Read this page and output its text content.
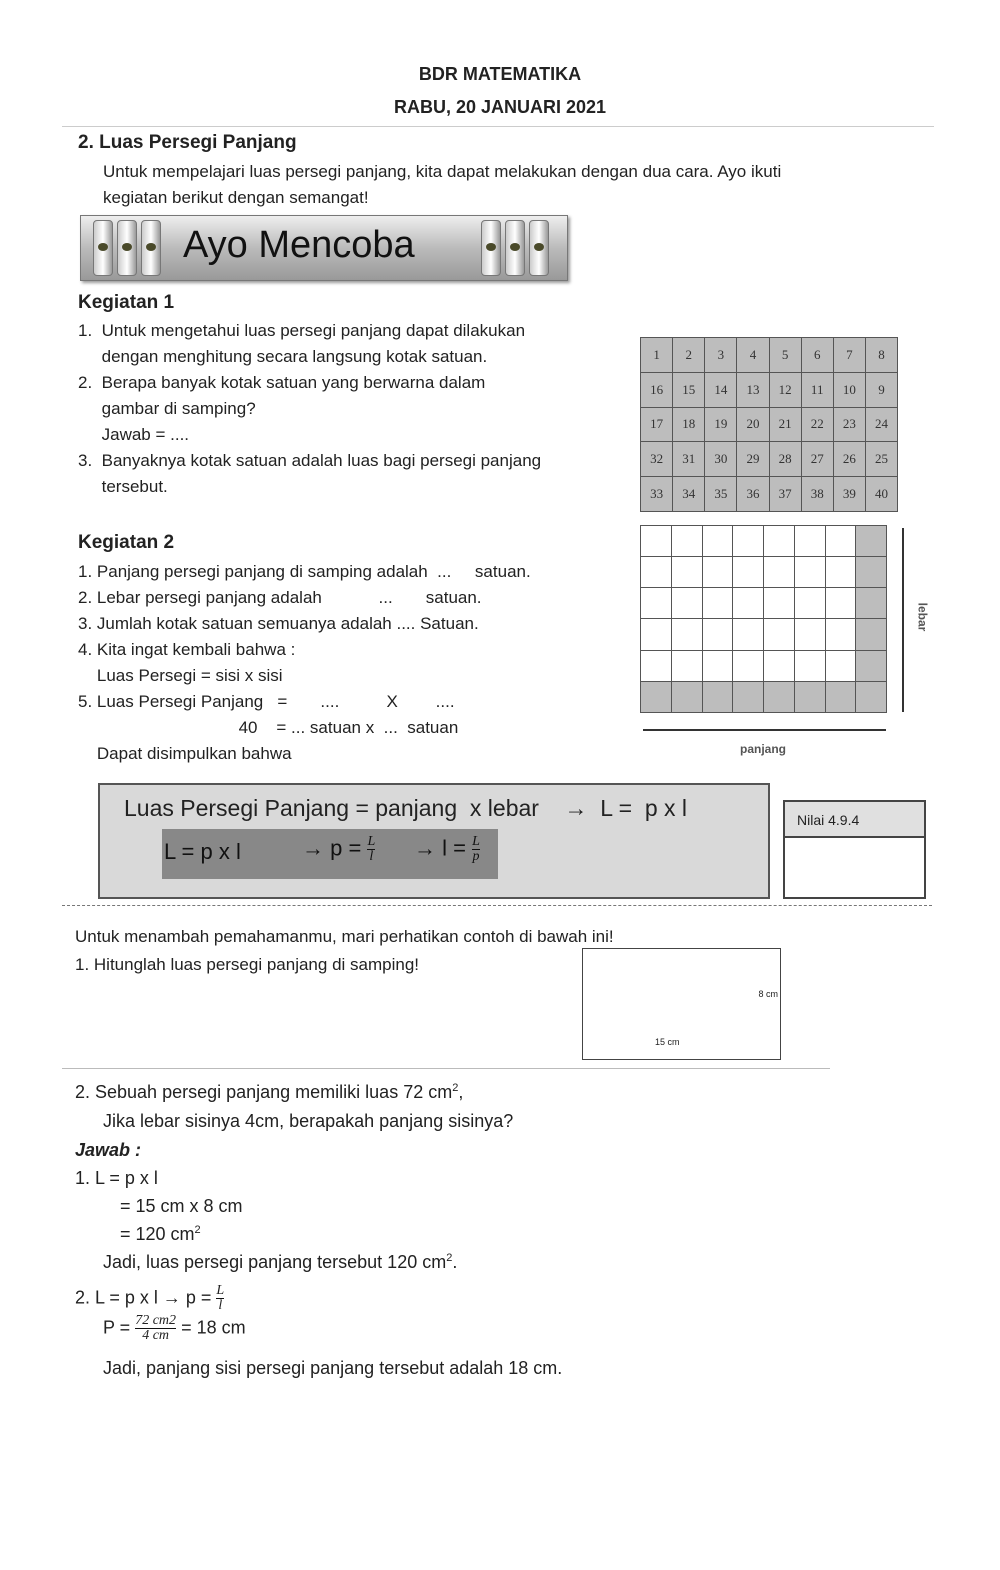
BDR MATEMATIKA
RABU, 20 JANUARI 2021
2. Luas Persegi Panjang
Untuk mempelajari luas persegi panjang, kita dapat melakukan dengan dua cara. Ayo ikuti
kegiatan berikut dengan semangat!
Ayo Mencoba
Kegiatan 1
1.  Untuk mengetahui luas persegi panjang dapat dilakukan
dengan menghitung secara langsung kotak satuan.
2.  Berapa banyak kotak satuan yang berwarna dalam
gambar di samping?
Jawab = ....
3.  Banyaknya kotak satuan adalah luas bagi persegi panjang
tersebut.
1	2	3	4	5	6	7	8
16	15	14	13	12	11	10	9
17	18	19	20	21	22	23	24
32	31	30	29	28	27	26	25
33	34	35	36	37	38	39	40
Kegiatan 2
1. Panjang persegi panjang di samping adalah  ...     satuan.
2. Lebar persegi panjang adalah            ...       satuan.
3. Jumlah kotak satuan semuanya adalah .... Satuan.
4. Kita ingat kembali bahwa :
Luas Persegi = sisi x sisi
5. Luas Persegi Panjang   =       ....          X        ....
40    = ... satuan x  ...  satuan
Dapat disimpulkan bahwa

lebar
panjang
Luas Persegi Panjang = panjang  x lebar    →  L =  p x l
L = p x l	→ $p = \frac{L}{l} \to l = \frac{L}{p}$
Nilai 4.9.4
Untuk menambah pemahamanmu, mari perhatikan contoh di bawah ini!
1. Hitunglah luas persegi panjang di samping!
8 cm
15 cm
2. Sebuah persegi panjang memiliki luas 72 $cm^2$,
Jika lebar sisinya 4cm, berapakah panjang sisinya?
Jawab :
1. L = p x l
= 15 cm x 8 cm
= 120 $cm^2$
Jadi, luas persegi panjang tersebut 120 $cm^2$.
2. L = p x $l \to p = \frac{L}{l}$
$P = \frac{72 cm2}{4 cm} = 18$ cm
Jadi, panjang sisi persegi panjang tersebut adalah 18 cm.
